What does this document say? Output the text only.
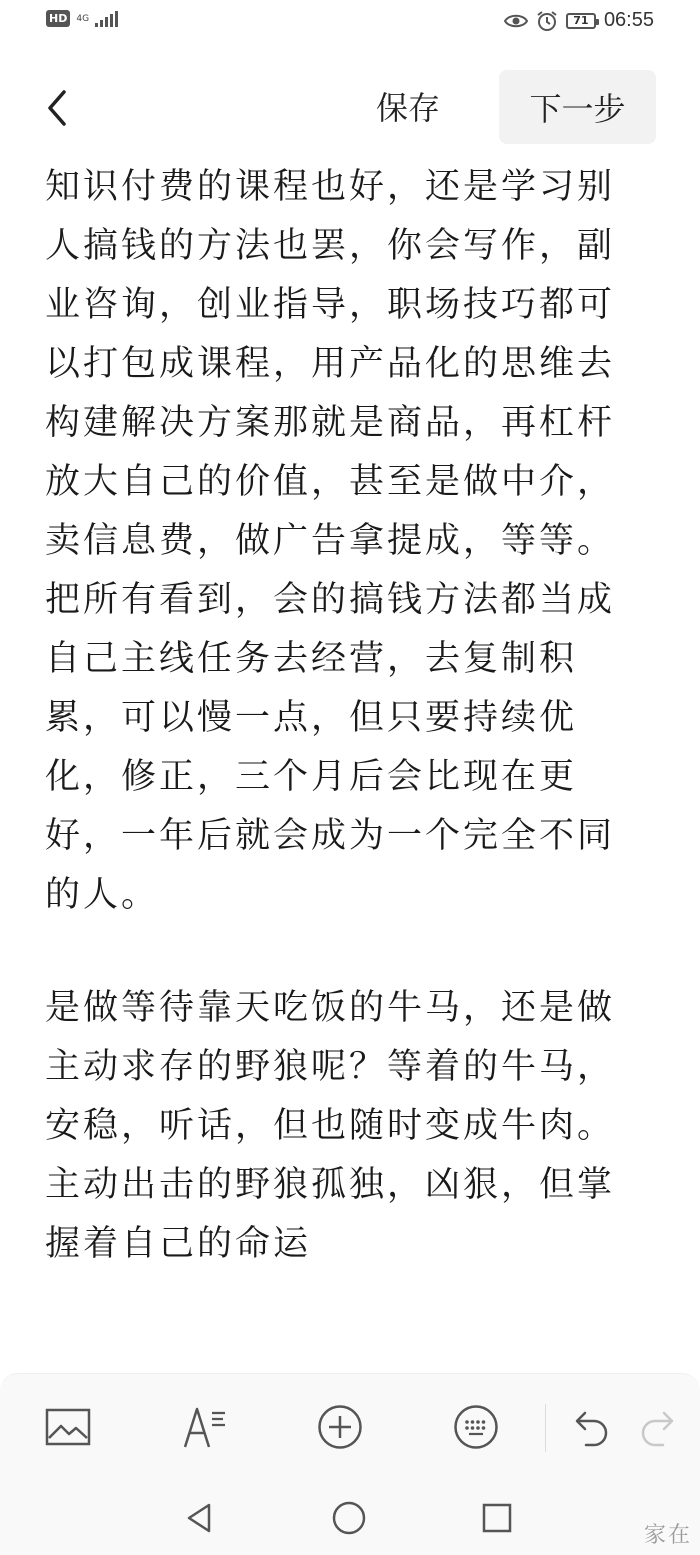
HD	4G	71 06:55
保存	下一步

知识付费的课程也好，还是学习别

人搞钱的方法也罢，你会写作，副

业咨询，创业指导，职场技巧都可

以打包成课程，用产品化的思维去

构建解决方案那就是商品，再杠杆

放大自己的价值，甚至是做中介，

卖信息费，做广告拿提成，等等。

把所有看到，会的搞钱方法都当成

自己主线任务去经营，去复制积

累，可以慢一点，但只要持续优

化，修正，三个月后会比现在更

好，一年后就会成为一个完全不同

的人。

是做等待靠天吃饭的牛马，还是做

主动求存的野狼呢？等着的牛马，

安稳，听话，但也随时变成牛肉。

主动出击的野狼孤独，凶狠，但掌

握着自己的命运

家在
